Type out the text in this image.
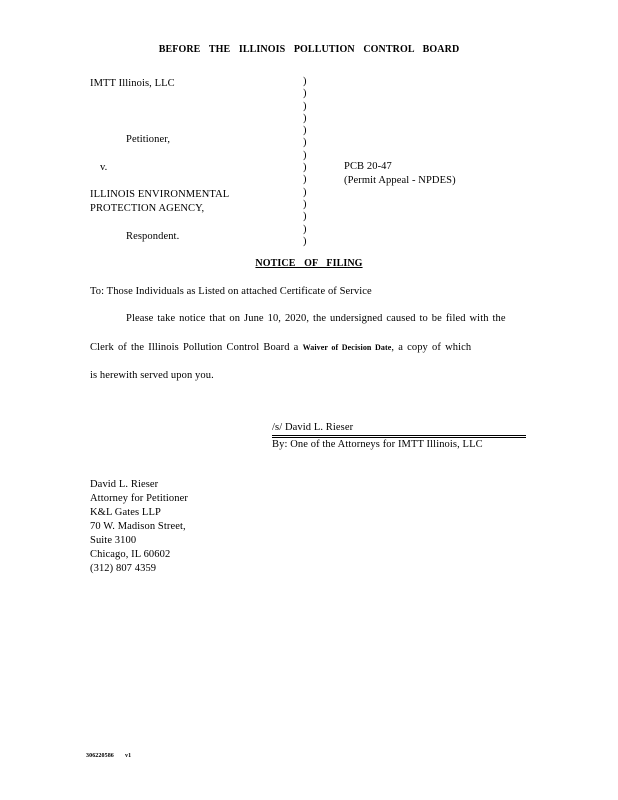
BEFORE THE ILLINOIS POLLUTION CONTROL BOARD
IMTT Illinois, LLC
Petitioner,
v.
ILLINOIS ENVIRONMENTAL
PROTECTION AGENCY,
Respondent.
)
)
)
)
)
)
)
)
)
)
)
)
)
)
PCB 20-47
(Permit Appeal - NPDES)
NOTICE OF FILING
To: Those Individuals as Listed on attached Certificate of Service
Please take notice that on June 10, 2020, the undersigned caused to be filed with the
Clerk of the Illinois Pollution Control Board a Waiver of Decision Date, a copy of which
is herewith served upon you.
/s/ David L. Rieser
By: One of the Attorneys for IMTT Illinois, LLC
David L. Rieser
Attorney for Petitioner
K&L Gates LLP
70 W. Madison Street,
Suite 3100
Chicago, IL 60602
(312) 807 4359
306220586 v1
